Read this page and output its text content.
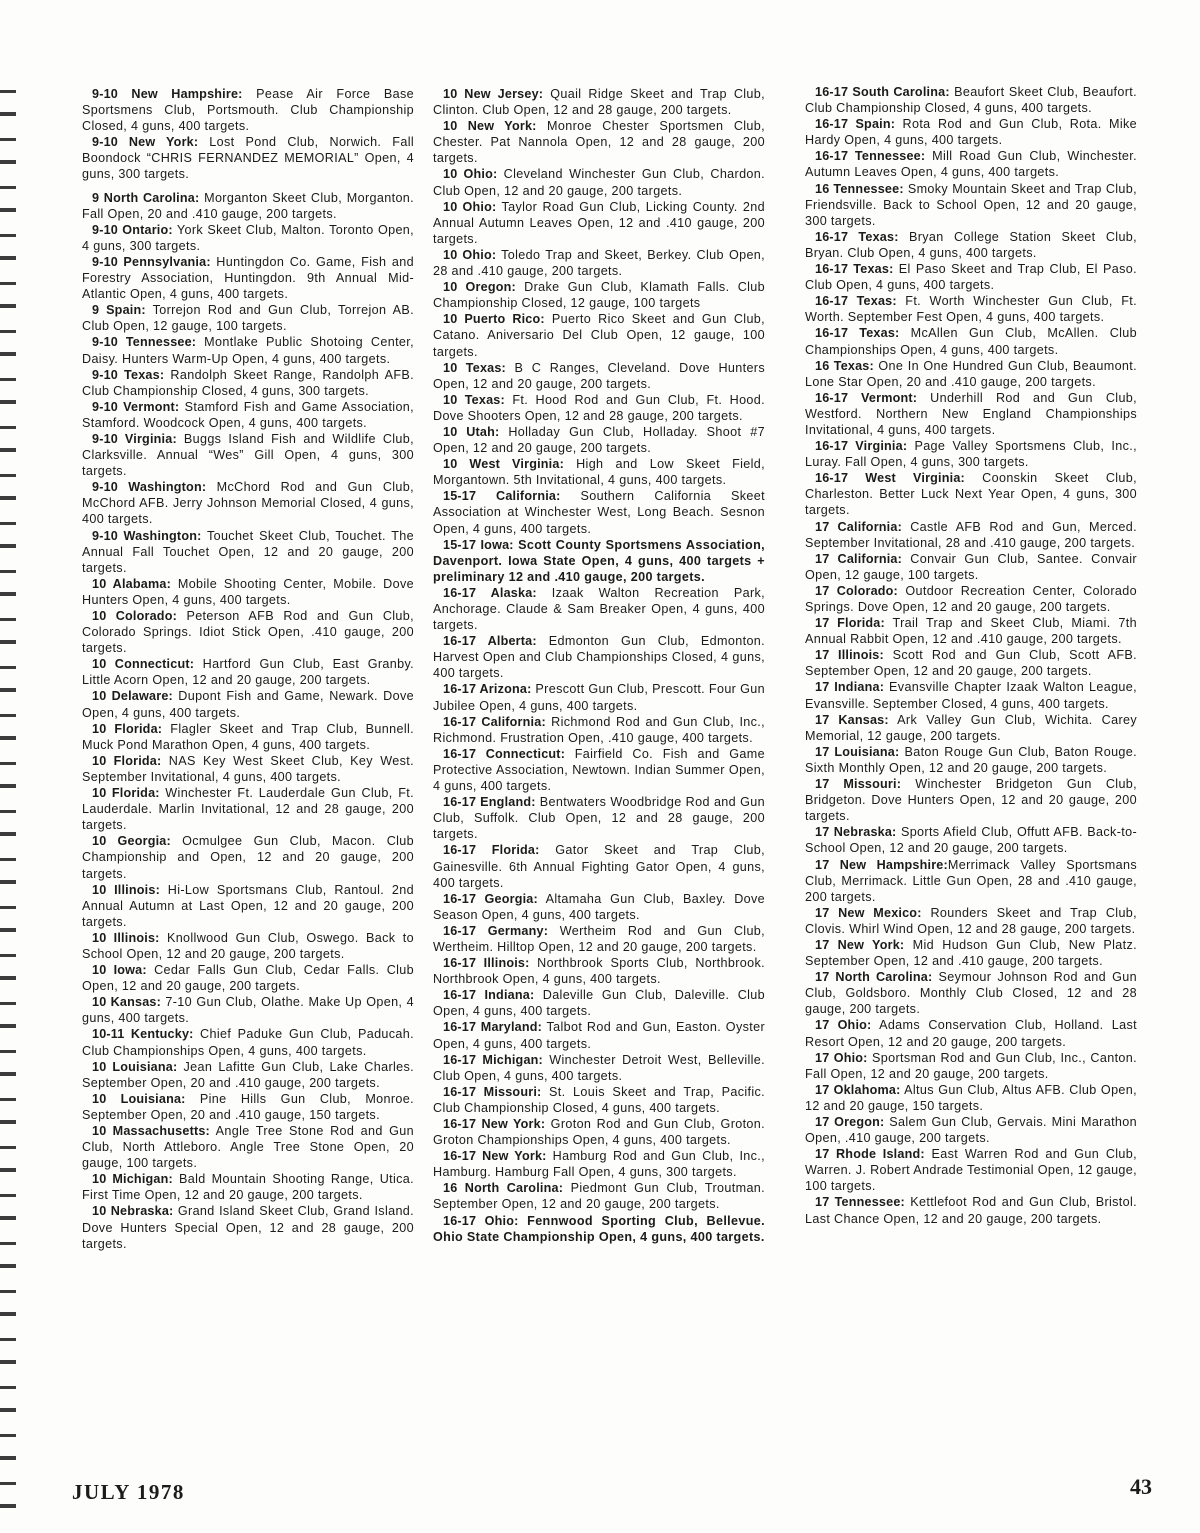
9-10 New Hampshire: Pease Air Force Base Sportsmens Club, Portsmouth. Club Championship Closed, 4 guns, 400 targets.

9-10 New York: Lost Pond Club, Norwich. Fall Boondock “CHRIS FERNANDEZ MEMORIAL” Open, 4 guns, 300 targets.

9 North Carolina: Morganton Skeet Club, Morganton. Fall Open, 20 and .410 gauge, 200 targets.

9-10 Ontario: York Skeet Club, Malton. Toronto Open, 4 guns, 300 targets.

9-10 Pennsylvania: Huntingdon Co. Game, Fish and Forestry Association, Huntingdon. 9th Annual Mid-Atlantic Open, 4 guns, 400 targets.

9 Spain: Torrejon Rod and Gun Club, Torrejon AB. Club Open, 12 gauge, 100 targets.

9-10 Tennessee: Montlake Public Shotoing Center, Daisy. Hunters Warm-Up Open, 4 guns, 400 targets.

9-10 Texas: Randolph Skeet Range, Randolph AFB. Club Championship Closed, 4 guns, 300 targets.

9-10 Vermont: Stamford Fish and Game Association, Stamford. Woodcock Open, 4 guns, 400 targets.

9-10 Virginia: Buggs Island Fish and Wildlife Club, Clarksville. Annual “Wes” Gill Open, 4 guns, 300 targets.

9-10 Washington: McChord Rod and Gun Club, McChord AFB. Jerry Johnson Memorial Closed, 4 guns, 400 targets.

9-10 Washington: Touchet Skeet Club, Touchet. The Annual Fall Touchet Open, 12 and 20 gauge, 200 targets.

10 Alabama: Mobile Shooting Center, Mobile. Dove Hunters Open, 4 guns, 400 targets.

10 Colorado: Peterson AFB Rod and Gun Club, Colorado Springs. Idiot Stick Open, .410 gauge, 200 targets.

10 Connecticut: Hartford Gun Club, East Granby. Little Acorn Open, 12 and 20 gauge, 200 targets.

10 Delaware: Dupont Fish and Game, Newark. Dove Open, 4 guns, 400 targets.

10 Florida: Flagler Skeet and Trap Club, Bunnell. Muck Pond Marathon Open, 4 guns, 400 targets.

10 Florida: NAS Key West Skeet Club, Key West. September Invitational, 4 guns, 400 targets.

10 Florida: Winchester Ft. Lauderdale Gun Club, Ft. Lauderdale. Marlin Invitational, 12 and 28 gauge, 200 targets.

10 Georgia: Ocmulgee Gun Club, Macon. Club Championship and Open, 12 and 20 gauge, 200 targets.

10 Illinois: Hi-Low Sportsmans Club, Rantoul. 2nd Annual Autumn at Last Open, 12 and 20 gauge, 200 targets.

10 Illinois: Knollwood Gun Club, Oswego. Back to School Open, 12 and 20 gauge, 200 targets.

10 Iowa: Cedar Falls Gun Club, Cedar Falls. Club Open, 12 and 20 gauge, 200 targets.

10 Kansas: 7-10 Gun Club, Olathe. Make Up Open, 4 guns, 400 targets.

10-11 Kentucky: Chief Paduke Gun Club, Paducah. Club Championships Open, 4 guns, 400 targets.

10 Louisiana: Jean Lafitte Gun Club, Lake Charles. September Open, 20 and .410 gauge, 200 targets.

10 Louisiana: Pine Hills Gun Club, Monroe. September Open, 20 and .410 gauge, 150 targets.

10 Massachusetts: Angle Tree Stone Rod and Gun Club, North Attleboro. Angle Tree Stone Open, 20 gauge, 100 targets.

10 Michigan: Bald Mountain Shooting Range, Utica. First Time Open, 12 and 20 gauge, 200 targets.

10 Nebraska: Grand Island Skeet Club, Grand Island. Dove Hunters Special Open, 12 and 28 gauge, 200 targets.

10 New Jersey: Quail Ridge Skeet and Trap Club, Clinton. Club Open, 12 and 28 gauge, 200 targets.

10 New York: Monroe Chester Sportsmen Club, Chester. Pat Nannola Open, 12 and 28 gauge, 200 targets.

10 Ohio: Cleveland Winchester Gun Club, Chardon. Club Open, 12 and 20 gauge, 200 targets.

10 Ohio: Taylor Road Gun Club, Licking County. 2nd Annual Autumn Leaves Open, 12 and .410 gauge, 200 targets.

10 Ohio: Toledo Trap and Skeet, Berkey. Club Open, 28 and .410 gauge, 200 targets.

10 Oregon: Drake Gun Club, Klamath Falls. Club Championship Closed, 12 gauge, 100 targets

10 Puerto Rico: Puerto Rico Skeet and Gun Club, Catano. Aniversario Del Club Open, 12 gauge, 100 targets.

10 Texas: B C Ranges, Cleveland. Dove Hunters Open, 12 and 20 gauge, 200 targets.

10 Texas: Ft. Hood Rod and Gun Club, Ft. Hood. Dove Shooters Open, 12 and 28 gauge, 200 targets.

10 Utah: Holladay Gun Club, Holladay. Shoot #7 Open, 12 and 20 gauge, 200 targets.

10 West Virginia: High and Low Skeet Field, Morgantown. 5th Invitational, 4 guns, 400 targets.

15-17 California: Southern California Skeet Association at Winchester West, Long Beach. Sesnon Open, 4 guns, 400 targets.

15-17 Iowa: Scott County Sportsmens Association, Davenport. Iowa State Open, 4 guns, 400 targets + preliminary 12 and .410 gauge, 200 targets.

16-17 Alaska: Izaak Walton Recreation Park, Anchorage. Claude & Sam Breaker Open, 4 guns, 400 targets.

16-17 Alberta: Edmonton Gun Club, Edmonton. Harvest Open and Club Championships Closed, 4 guns, 400 targets.

16-17 Arizona: Prescott Gun Club, Prescott. Four Gun Jubilee Open, 4 guns, 400 targets.

16-17 California: Richmond Rod and Gun Club, Inc., Richmond. Frustration Open, .410 gauge, 400 targets.

16-17 Connecticut: Fairfield Co. Fish and Game Protective Association, Newtown. Indian Summer Open, 4 guns, 400 targets.

16-17 England: Bentwaters Woodbridge Rod and Gun Club, Suffolk. Club Open, 12 and 28 gauge, 200 targets.

16-17 Florida: Gator Skeet and Trap Club, Gainesville. 6th Annual Fighting Gator Open, 4 guns, 400 targets.

16-17 Georgia: Altamaha Gun Club, Baxley. Dove Season Open, 4 guns, 400 targets.

16-17 Germany: Wertheim Rod and Gun Club, Wertheim. Hilltop Open, 12 and 20 gauge, 200 targets.

16-17 Illinois: Northbrook Sports Club, Northbrook. Northbrook Open, 4 guns, 400 targets.

16-17 Indiana: Daleville Gun Club, Daleville. Club Open, 4 guns, 400 targets.

16-17 Maryland: Talbot Rod and Gun, Easton. Oyster Open, 4 guns, 400 targets.

16-17 Michigan: Winchester Detroit West, Belleville. Club Open, 4 guns, 400 targets.

16-17 Missouri: St. Louis Skeet and Trap, Pacific. Club Championship Closed, 4 guns, 400 targets.

16-17 New York: Groton Rod and Gun Club, Groton. Groton Championships Open, 4 guns, 400 targets.

16-17 New York: Hamburg Rod and Gun Club, Inc., Hamburg. Hamburg Fall Open, 4 guns, 300 targets.

16 North Carolina: Piedmont Gun Club, Troutman. September Open, 12 and 20 gauge, 200 targets.

16-17 Ohio: Fennwood Sporting Club, Bellevue. Ohio State Championship Open, 4 guns, 400 targets.

16-17 South Carolina: Beaufort Skeet Club, Beaufort. Club Championship Closed, 4 guns, 400 targets.

16-17 Spain: Rota Rod and Gun Club, Rota. Mike Hardy Open, 4 guns, 400 targets.

16-17 Tennessee: Mill Road Gun Club, Winchester. Autumn Leaves Open, 4 guns, 400 targets.

16 Tennessee: Smoky Mountain Skeet and Trap Club, Friendsville. Back to School Open, 12 and 20 gauge, 300 targets.

16-17 Texas: Bryan College Station Skeet Club, Bryan. Club Open, 4 guns, 400 targets.

16-17 Texas: El Paso Skeet and Trap Club, El Paso. Club Open, 4 guns, 400 targets.

16-17 Texas: Ft. Worth Winchester Gun Club, Ft. Worth. September Fest Open, 4 guns, 400 targets.

16-17 Texas: McAllen Gun Club, McAllen. Club Championships Open, 4 guns, 400 targets.

16 Texas: One In One Hundred Gun Club, Beaumont. Lone Star Open, 20 and .410 gauge, 200 targets.

16-17 Vermont: Underhill Rod and Gun Club, Westford. Northern New England Championships Invitational, 4 guns, 400 targets.

16-17 Virginia: Page Valley Sportsmens Club, Inc., Luray. Fall Open, 4 guns, 300 targets.

16-17 West Virginia: Coonskin Skeet Club, Charleston. Better Luck Next Year Open, 4 guns, 300 targets.

17 California: Castle AFB Rod and Gun, Merced. September Invitational, 28 and .410 gauge, 200 targets.

17 California: Convair Gun Club, Santee. Convair Open, 12 gauge, 100 targets.

17 Colorado: Outdoor Recreation Center, Colorado Springs. Dove Open, 12 and 20 gauge, 200 targets.

17 Florida: Trail Trap and Skeet Club, Miami. 7th Annual Rabbit Open, 12 and .410 gauge, 200 targets.

17 Illinois: Scott Rod and Gun Club, Scott AFB. September Open, 12 and 20 gauge, 200 targets.

17 Indiana: Evansville Chapter Izaak Walton League, Evansville. September Closed, 4 guns, 400 targets.

17 Kansas: Ark Valley Gun Club, Wichita. Carey Memorial, 12 gauge, 200 targets.

17 Louisiana: Baton Rouge Gun Club, Baton Rouge. Sixth Monthly Open, 12 and 20 gauge, 200 targets.

17 Missouri: Winchester Bridgeton Gun Club, Bridgeton. Dove Hunters Open, 12 and 20 gauge, 200 targets.

17 Nebraska: Sports Afield Club, Offutt AFB. Back-to-School Open, 12 and 20 gauge, 200 targets.

17 New Hampshire:Merrimack Valley Sportsmans Club, Merrimack. Little Gun Open, 28 and .410 gauge, 200 targets.

17 New Mexico: Rounders Skeet and Trap Club, Clovis. Whirl Wind Open, 12 and 28 gauge, 200 targets.

17 New York: Mid Hudson Gun Club, New Platz. September Open, 12 and .410 gauge, 200 targets.

17 North Carolina: Seymour Johnson Rod and Gun Club, Goldsboro. Monthly Club Closed, 12 and 28 gauge, 200 targets.

17 Ohio: Adams Conservation Club, Holland. Last Resort Open, 12 and 20 gauge, 200 targets.

17 Ohio: Sportsman Rod and Gun Club, Inc., Canton. Fall Open, 12 and 20 gauge, 200 targets.

17 Oklahoma: Altus Gun Club, Altus AFB. Club Open, 12 and 20 gauge, 150 targets.

17 Oregon: Salem Gun Club, Gervais. Mini Marathon Open, .410 gauge, 200 targets.

17 Rhode Island: East Warren Rod and Gun Club, Warren. J. Robert Andrade Testimonial Open, 12 gauge, 100 targets.

17 Tennessee: Kettlefoot Rod and Gun Club, Bristol. Last Chance Open, 12 and 20 gauge, 200 targets.

JULY 1978	43
